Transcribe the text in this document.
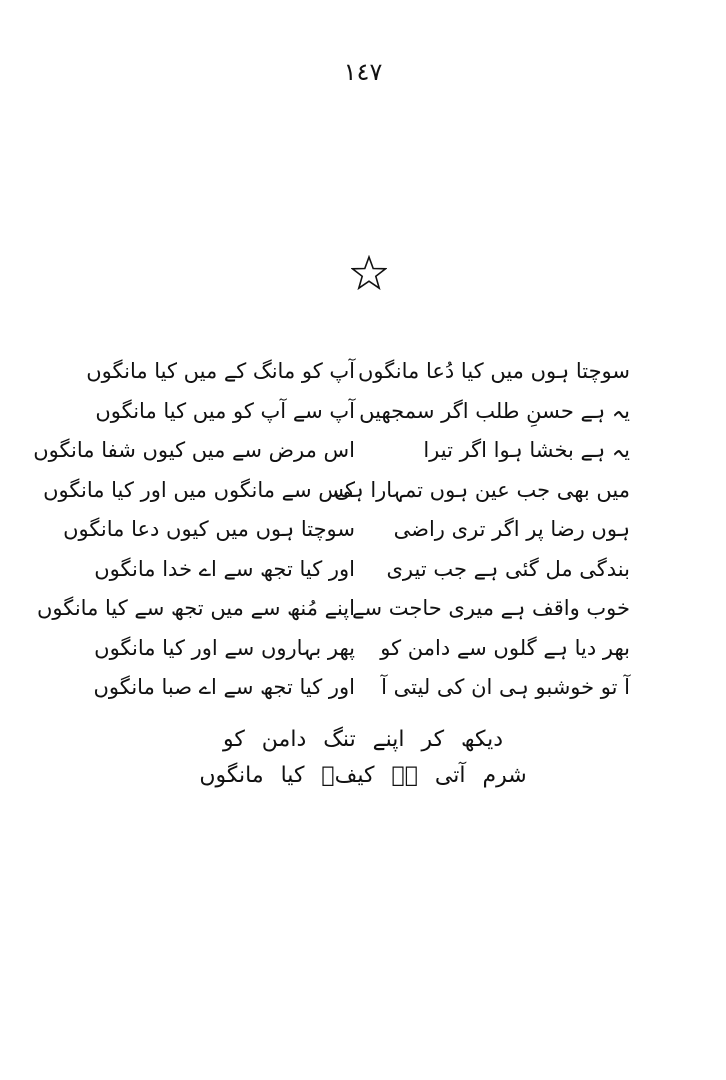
١٤٧
سوچتا ہوں میں کیا دُعا مانگوں
آپ کو مانگ کے میں کیا مانگوں
یہ ہے حسنِ طلب اگر سمجھیں
آپ سے آپ کو میں کیا مانگوں
یہ ہے بخشا ہوا اگر تیرا
اس مرض سے میں کیوں شفا مانگوں
میں بھی جب عین ہوں تمہارا ہی
کس سے مانگوں میں اور کیا مانگوں
ہوں رضا پر اگر تری راضی
سوچتا ہوں میں کیوں دعا مانگوں
بندگی مل گئی ہے جب تیری
اور کیا تجھ سے اے خدا مانگوں
خوب واقف ہے میری حاجت سے
اپنے مُنھ سے میں تجھ سے کیا مانگوں
بھر دیا ہے گلوں سے دامن کو
پھر بہاروں سے اور کیا مانگوں
آ تو خوشبو ہی ان کی لیتی آ
اور کیا تجھ سے اے صبا مانگوں
دیکھ کر اپنے تنگ دامن کو
شرم آتی ہے کیفؔ کیا مانگوں
